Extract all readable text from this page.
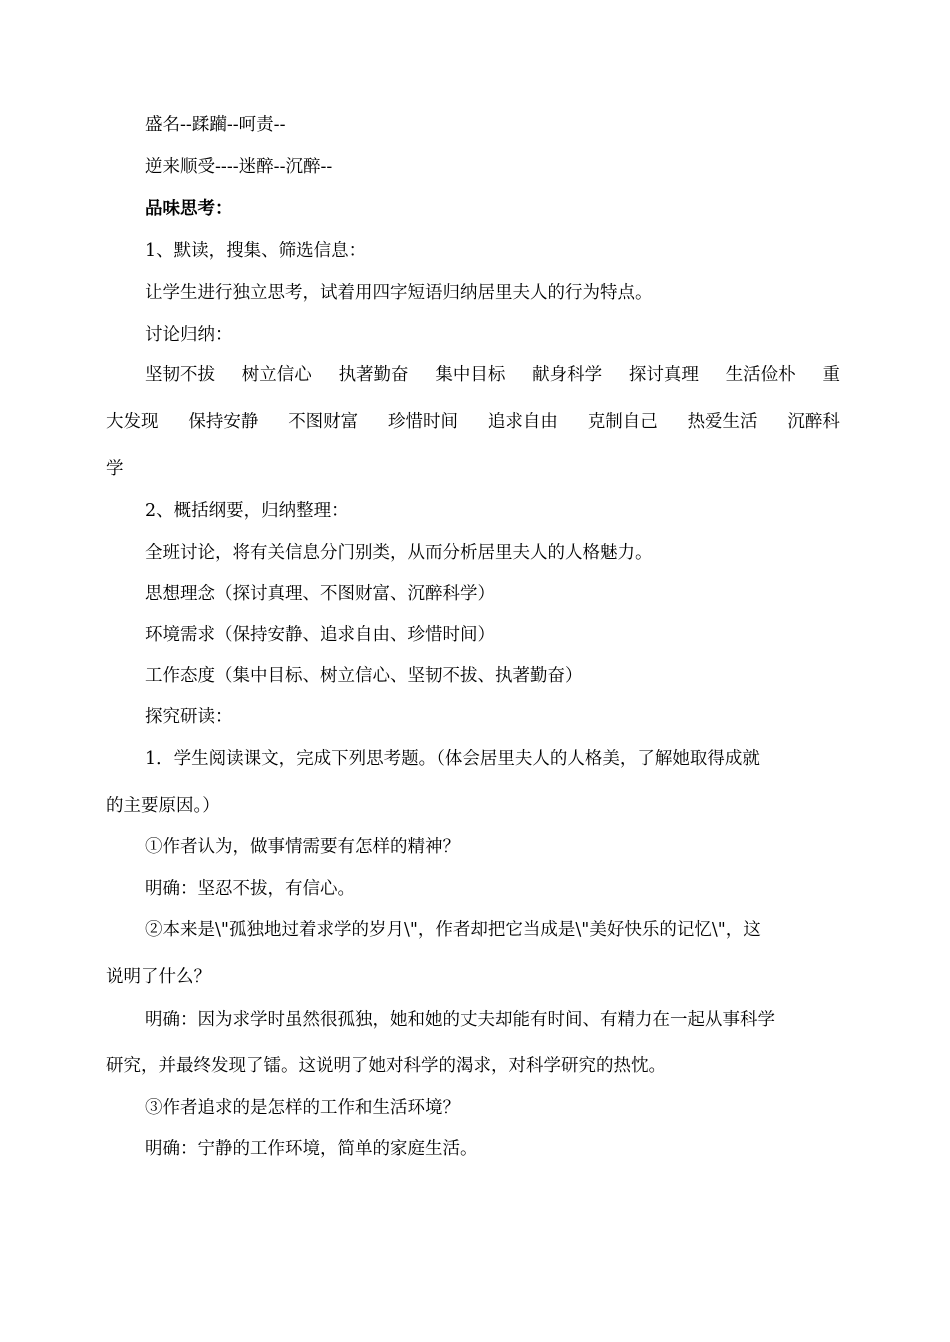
盛名--蹂躏--呵责--
逆来顺受----迷醉--沉醉--
品味思考：
1、默读，搜集、筛选信息：
让学生进行独立思考，试着用四字短语归纳居里夫人的行为特点。
讨论归纳：
坚韧不拔 树立信心 执著勤奋 集中目标 献身科学 探讨真理 生活俭朴 重
大发现 保持安静 不图财富 珍惜时间 追求自由 克制自己 热爱生活 沉醉科
学
2、概括纲要，归纳整理：
全班讨论，将有关信息分门别类，从而分析居里夫人的人格魅力。
思想理念（探讨真理、不图财富、沉醉科学）
环境需求（保持安静、追求自由、珍惜时间）
工作态度（集中目标、树立信心、坚韧不拔、执著勤奋）
探究研读：
1．学生阅读课文，完成下列思考题。（体会居里夫人的人格美，了解她取得成就
的主要原因。）
①作者认为，做事情需要有怎样的精神？
明确：坚忍不拔，有信心。
②本来是\"孤独地过着求学的岁月\"，作者却把它当成是\"美好快乐的记忆\"，这
说明了什么？
明确：因为求学时虽然很孤独，她和她的丈夫却能有时间、有精力在一起从事科学
研究，并最终发现了镭。这说明了她对科学的渴求，对科学研究的热忱。
③作者追求的是怎样的工作和生活环境？
明确：宁静的工作环境，简单的家庭生活。
